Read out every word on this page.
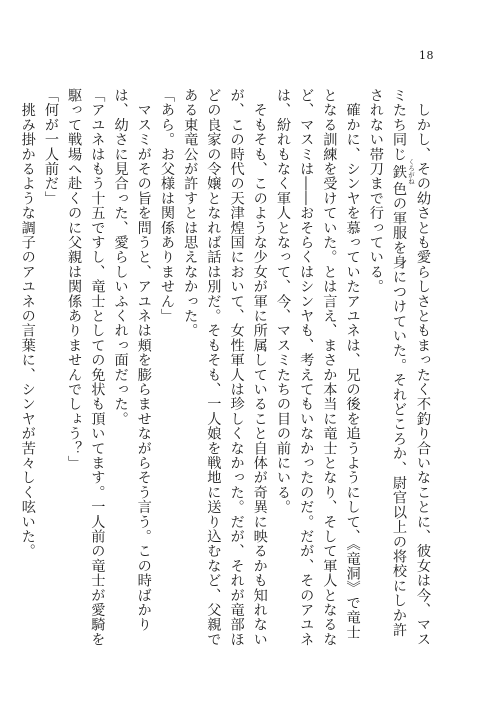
18

　しかし、その幼さとも愛らしさともまったく不釣り合いなことに、彼女は今、マスミたち同じ鉄 くろがね色の軍服を身につけていた。それどころか、尉官以上の将校にしか許されない帯刀まで行っている。

　確かに、シンヤを慕っていたアユネは、兄の後を追うようにして、《竜洞》で竜士となる訓練を受けていた。とは言え、まさか本当に竜士となり、そして軍人となるなど、マスミは――おそらくはシンヤも、考えてもいなかったのだ。だが、そのアユネは、紛れもなく軍人となって、今、マスミたちの目の前にいる。

　そもそも、このような少女が軍に所属していること自体が奇異に映るかも知れないが、この時代の天津煌国において、女性軍人は珍しくなかった。だが、それが竜部ほどの良家の令嬢となれば話は別だ。そもそも、一人娘を戦地に送り込むなど、父親である東竜公が許すとは思えなかった。

「あら。お父様は関係ありません」

　マスミがその旨を問うと、アユネは頬を膨らませながらそう言う。この時ばかりは、幼さに見合った、愛らしいふくれっ面だった。

「アユネはもう十五ですし、竜士としての免状も頂いてます。一人前の竜士が愛騎を駆って戦場へ赴くのに父親は関係ありませんでしょう？」

「何が一人前だ」

　挑み掛かるような調子のアユネの言葉に、シンヤが苦々しく呟いた。
